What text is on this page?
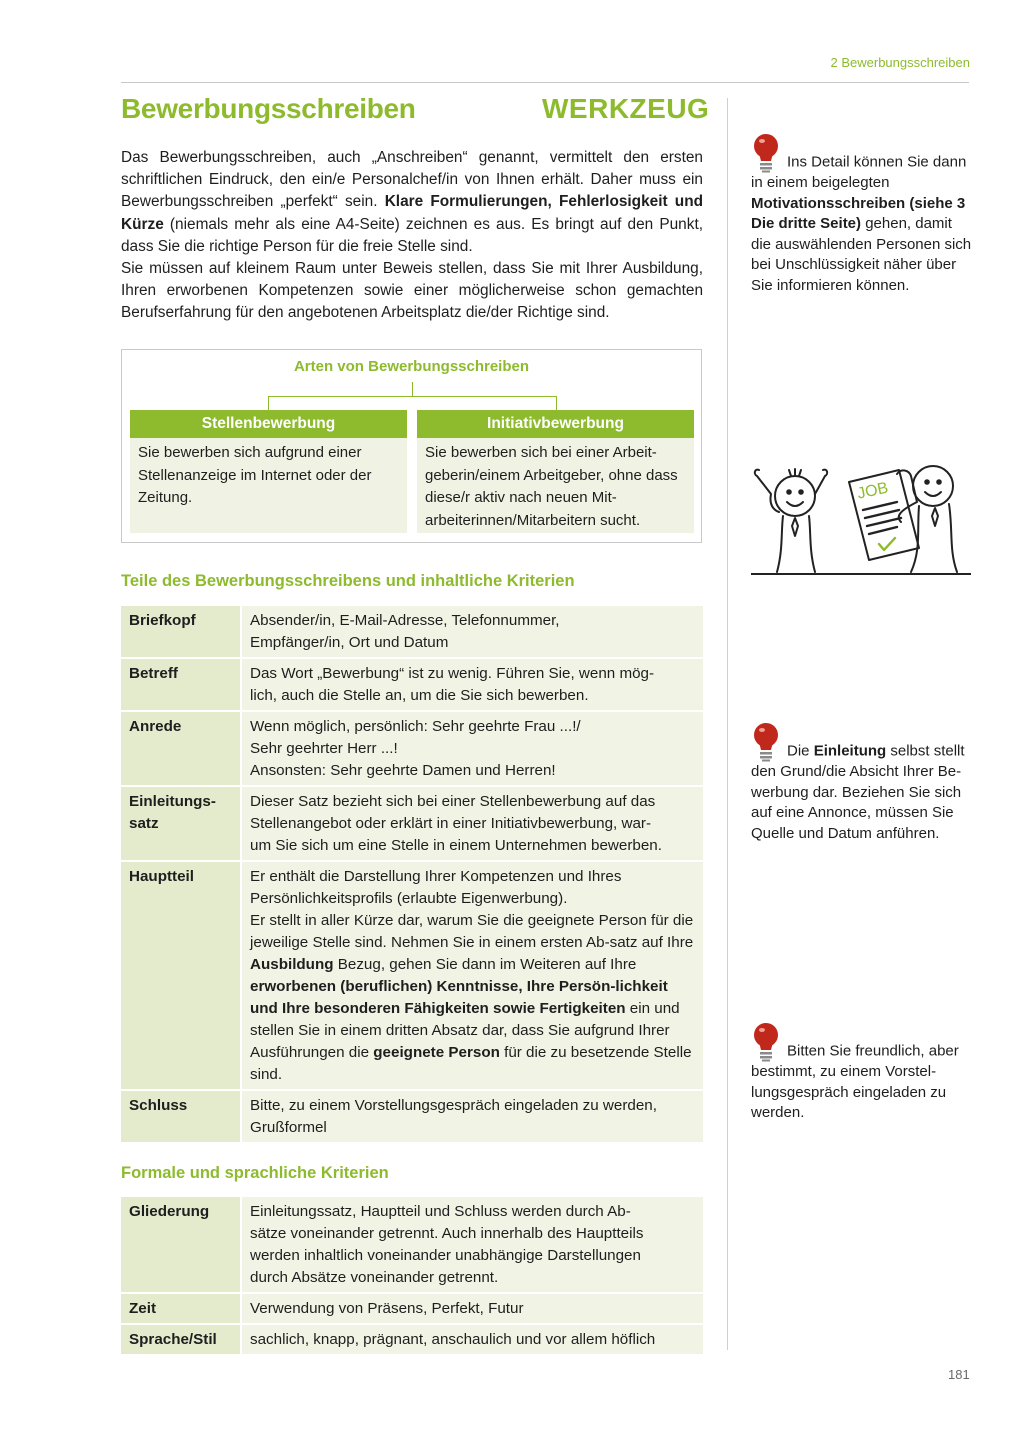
2 Bewerbungsschreiben
Bewerbungsschreiben	WERKZEUG

Das Bewerbungsschreiben, auch „Anschreiben“ genannt, vermittelt den ersten schriftlichen Eindruck, den ein/e Personalchef/in von Ihnen erhält. Daher muss ein Bewerbungsschreiben „perfekt“ sein. Klare Formulierungen, Fehlerlosigkeit und Kürze (niemals mehr als eine A4-Seite) zeichnen es aus. Es bringt auf den Punkt, dass Sie die richtige Person für die freie Stelle sind.

Sie müssen auf kleinem Raum unter Beweis stellen, dass Sie mit Ihrer Ausbildung, Ihren erworbenen Kompetenzen sowie einer möglicherweise schon gemachten Berufserfahrung für den angebotenen Arbeitsplatz die/der Richtige sind.

Arten von Bewerbungsschreiben
Stellenbewerbung
Sie bewerben sich aufgrund einer Stellenanzeige im Internet oder der Zeitung.
Initiativbewerbung
Sie bewerben sich bei einer Arbeit-geberin/einem Arbeitgeber, ohne dass diese/r aktiv nach neuen Mit-arbeiterinnen/Mitarbeitern sucht.
Teile des Bewerbungsschreibens und inhaltliche Kriterien
Briefkopf	Absender/in, E-Mail-Adresse, Telefonnummer,
Empfänger/in, Ort und Datum
Betreff	Das Wort „Bewerbung“ ist zu wenig. Führen Sie, wenn mög-
lich, auch die Stelle an, um die Sie sich bewerben.
Anrede	Wenn möglich, persönlich: Sehr geehrte Frau ...!/
Sehr geehrter Herr ...!
Ansonsten: Sehr geehrte Damen und Herren!
Einleitungs-
satz	Dieser Satz bezieht sich bei einer Stellenbewerbung auf das
Stellenangebot oder erklärt in einer Initiativbewerbung, war-
um Sie sich um eine Stelle in einem Unternehmen bewerben.
Hauptteil	Er enthält die Darstellung Ihrer Kompetenzen und Ihres Persönlichkeitsprofils (erlaubte Eigenwerbung).
Er stellt in aller Kürze dar, warum Sie die geeignete Person für die jeweilige Stelle sind. Nehmen Sie in einem ersten Ab-satz auf Ihre Ausbildung Bezug, gehen Sie dann im Weiteren auf Ihre erworbenen (beruflichen) Kenntnisse, Ihre Persön-lichkeit und Ihre besonderen Fähigkeiten sowie Fertigkeiten ein und stellen Sie in einem dritten Absatz dar, dass Sie aufgrund Ihrer Ausführungen die geeignete Person für die zu besetzende Stelle sind.
Schluss	Bitte, zu einem Vorstellungsgespräch eingeladen zu werden,
Grußformel
Formale und sprachliche Kriterien
Gliederung	Einleitungssatz, Hauptteil und Schluss werden durch Ab-
sätze voneinander getrennt. Auch innerhalb des Hauptteils
werden inhaltlich voneinander unabhängige Darstellungen
durch Absätze voneinander getrennt.
Zeit	Verwendung von Präsens, Perfekt, Futur
Sprache/Stil	sachlich, knapp, prägnant, anschaulich und vor allem höflich
Ins Detail können Sie dann in einem beigelegten Motivationsschreiben (siehe 3 Die dritte Seite) gehen, damit die auswählenden Personen sich bei Unschlüssigkeit näher über Sie informieren können.
JOB
Die Einleitung selbst stellt den Grund/die Absicht Ihrer Be-werbung dar. Beziehen Sie sich auf eine Annonce, müssen Sie Quelle und Datum anführen.
Bitten Sie freundlich, aber bestimmt, zu einem Vorstel-lungsgespräch eingeladen zu werden.
181
